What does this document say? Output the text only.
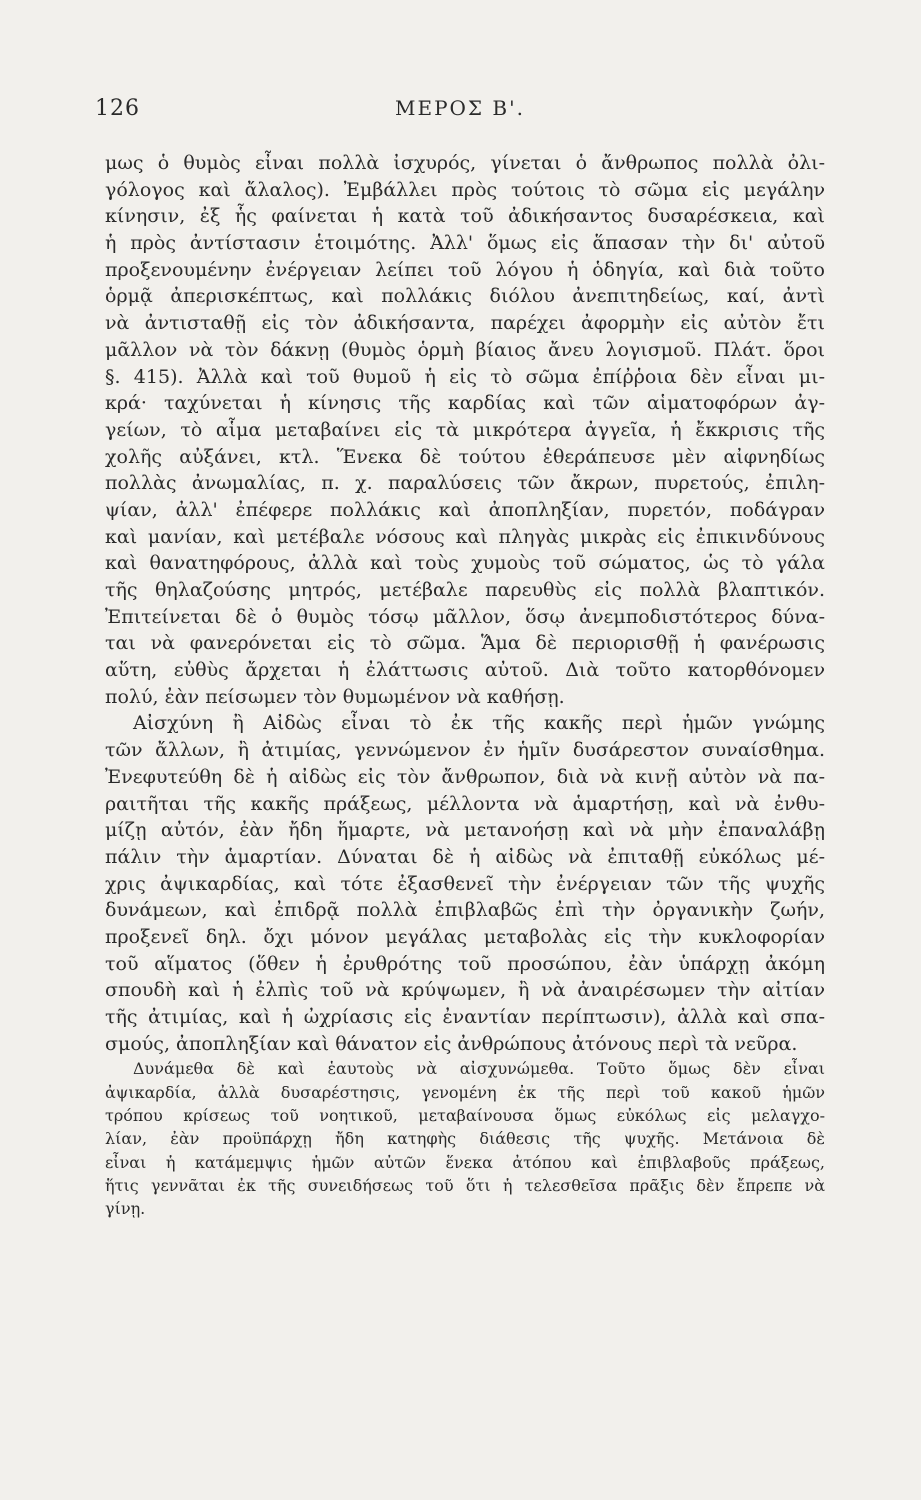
126	ΜΕΡΟΣ Β'.
μως ὁ θυμὸς εἶναι πολλὰ ἰσχυρός, γίνεται ὁ ἄνθρωπος πολλὰ ὀλι-
γόλογος καὶ ἄλαλος). Ἐμβάλλει πρὸς τούτοις τὸ σῶμα εἰς μεγάλην
κίνησιν, ἐξ ἧς φαίνεται ἡ κατὰ τοῦ ἀδικήσαντος δυσαρέσκεια, καὶ
ἡ πρὸς ἀντίστασιν ἑτοιμότης. Ἀλλ' ὅμως εἰς ἅπασαν τὴν δι' αὐτοῦ
προξενουμένην ἐνέργειαν λείπει τοῦ λόγου ἡ ὁδηγία, καὶ διὰ τοῦτο
ὁρμᾷ ἀπερισκέπτως, καὶ πολλάκις διόλου ἀνεπιτηδείως, καί, ἀντὶ
νὰ ἀντισταθῇ εἰς τὸν ἀδικήσαντα, παρέχει ἀφορμὴν εἰς αὐτὸν ἔτι
μᾶλλον νὰ τὸν δάκνῃ (θυμὸς ὁρμὴ βίαιος ἄνευ λογισμοῦ. Πλάτ. ὅροι
§. 415). Ἀλλὰ καὶ τοῦ θυμοῦ ἡ εἰς τὸ σῶμα ἐπίῤῥοια δὲν εἶναι μι-
κρά· ταχύνεται ἡ κίνησις τῆς καρδίας καὶ τῶν αἱματοφόρων ἀγ-
γείων, τὸ αἷμα μεταβαίνει εἰς τὰ μικρότερα ἀγγεῖα, ἡ ἔκκρισις τῆς
χολῆς αὐξάνει, κτλ. Ἕνεκα δὲ τούτου ἐθεράπευσε μὲν αἰφνηδίως
πολλὰς ἀνωμαλίας, π. χ. παραλύσεις τῶν ἄκρων, πυρετούς, ἐπιλη-
ψίαν, ἀλλ' ἐπέφερε πολλάκις καὶ ἀποπληξίαν, πυρετόν, ποδάγραν
καὶ μανίαν, καὶ μετέβαλε νόσους καὶ πληγὰς μικρὰς εἰς ἐπικινδύνους
καὶ θανατηφόρους, ἀλλὰ καὶ τοὺς χυμοὺς τοῦ σώματος, ὡς τὸ γάλα
τῆς θηλαζούσης μητρός, μετέβαλε παρευθὺς εἰς πολλὰ βλαπτικόν.
Ἐπιτείνεται δὲ ὁ θυμὸς τόσῳ μᾶλλον, ὅσῳ ἀνεμποδιστότερος δύνα-
ται νὰ φανερόνεται εἰς τὸ σῶμα. Ἅμα δὲ περιορισθῇ ἡ φανέρωσις
αὕτη, εὐθὺς ἄρχεται ἡ ἐλάττωσις αὐτοῦ. Διὰ τοῦτο κατορθόνομεν
πολύ, ἐὰν πείσωμεν τὸν θυμωμένον νὰ καθήσῃ.
Αἰσχύνη ἢ Αἰδὼς εἶναι τὸ ἐκ τῆς κακῆς περὶ ἡμῶν γνώμης
τῶν ἄλλων, ἢ ἀτιμίας, γεννώμενον ἐν ἡμῖν δυσάρεστον συναίσθημα.
Ἐνεφυτεύθη δὲ ἡ αἰδὼς εἰς τὸν ἄνθρωπον, διὰ νὰ κινῇ αὐτὸν νὰ πα-
ραιτῆται τῆς κακῆς πράξεως, μέλλοντα νὰ ἁμαρτήσῃ, καὶ νὰ ἐνθυ-
μίζῃ αὐτόν, ἐὰν ἤδη ἥμαρτε, νὰ μετανοήσῃ καὶ νὰ μὴν ἐπαναλάβῃ
πάλιν τὴν ἁμαρτίαν. Δύναται δὲ ἡ αἰδὼς νὰ ἐπιταθῇ εὐκόλως μέ-
χρις ἀψικαρδίας, καὶ τότε ἐξασθενεῖ τὴν ἐνέργειαν τῶν τῆς ψυχῆς
δυνάμεων, καὶ ἐπιδρᾷ πολλὰ ἐπιβλαβῶς ἐπὶ τὴν ὀργανικὴν ζωήν,
προξενεῖ δηλ. ὄχι μόνον μεγάλας μεταβολὰς εἰς τὴν κυκλοφορίαν
τοῦ αἵματος (ὅθεν ἡ ἐρυθρότης τοῦ προσώπου, ἐὰν ὑπάρχῃ ἀκόμη
σπουδὴ καὶ ἡ ἐλπὶς τοῦ νὰ κρύψωμεν, ἢ νὰ ἀναιρέσωμεν τὴν αἰτίαν
τῆς ἀτιμίας, καὶ ἡ ὠχρίασις εἰς ἐναντίαν περίπτωσιν), ἀλλὰ καὶ σπα-
σμούς, ἀποπληξίαν καὶ θάνατον εἰς ἀνθρώπους ἀτόνους περὶ τὰ νεῦρα.
Δυνάμεθα δὲ καὶ ἑαυτοὺς νὰ αἰσχυνώμεθα. Τοῦτο ὅμως δὲν εἶναι
ἀψικαρδία, ἀλλὰ δυσαρέστησις, γενομένη ἐκ τῆς περὶ τοῦ κακοῦ ἡμῶν
τρόπου κρίσεως τοῦ νοητικοῦ, μεταβαίνουσα ὅμως εὐκόλως εἰς μελαγχο-
λίαν, ἐὰν προϋπάρχῃ ἤδη κατηφὴς διάθεσις τῆς ψυχῆς. Μετάνοια δὲ
εἶναι ἡ κατάμεμψις ἡμῶν αὐτῶν ἕνεκα ἀτόπου καὶ ἐπιβλαβοῦς πράξεως,
ἥτις γεννᾶται ἐκ τῆς συνειδήσεως τοῦ ὅτι ἡ τελεσθεῖσα πρᾶξις δὲν ἔπρεπε νὰ
γίνῃ.
